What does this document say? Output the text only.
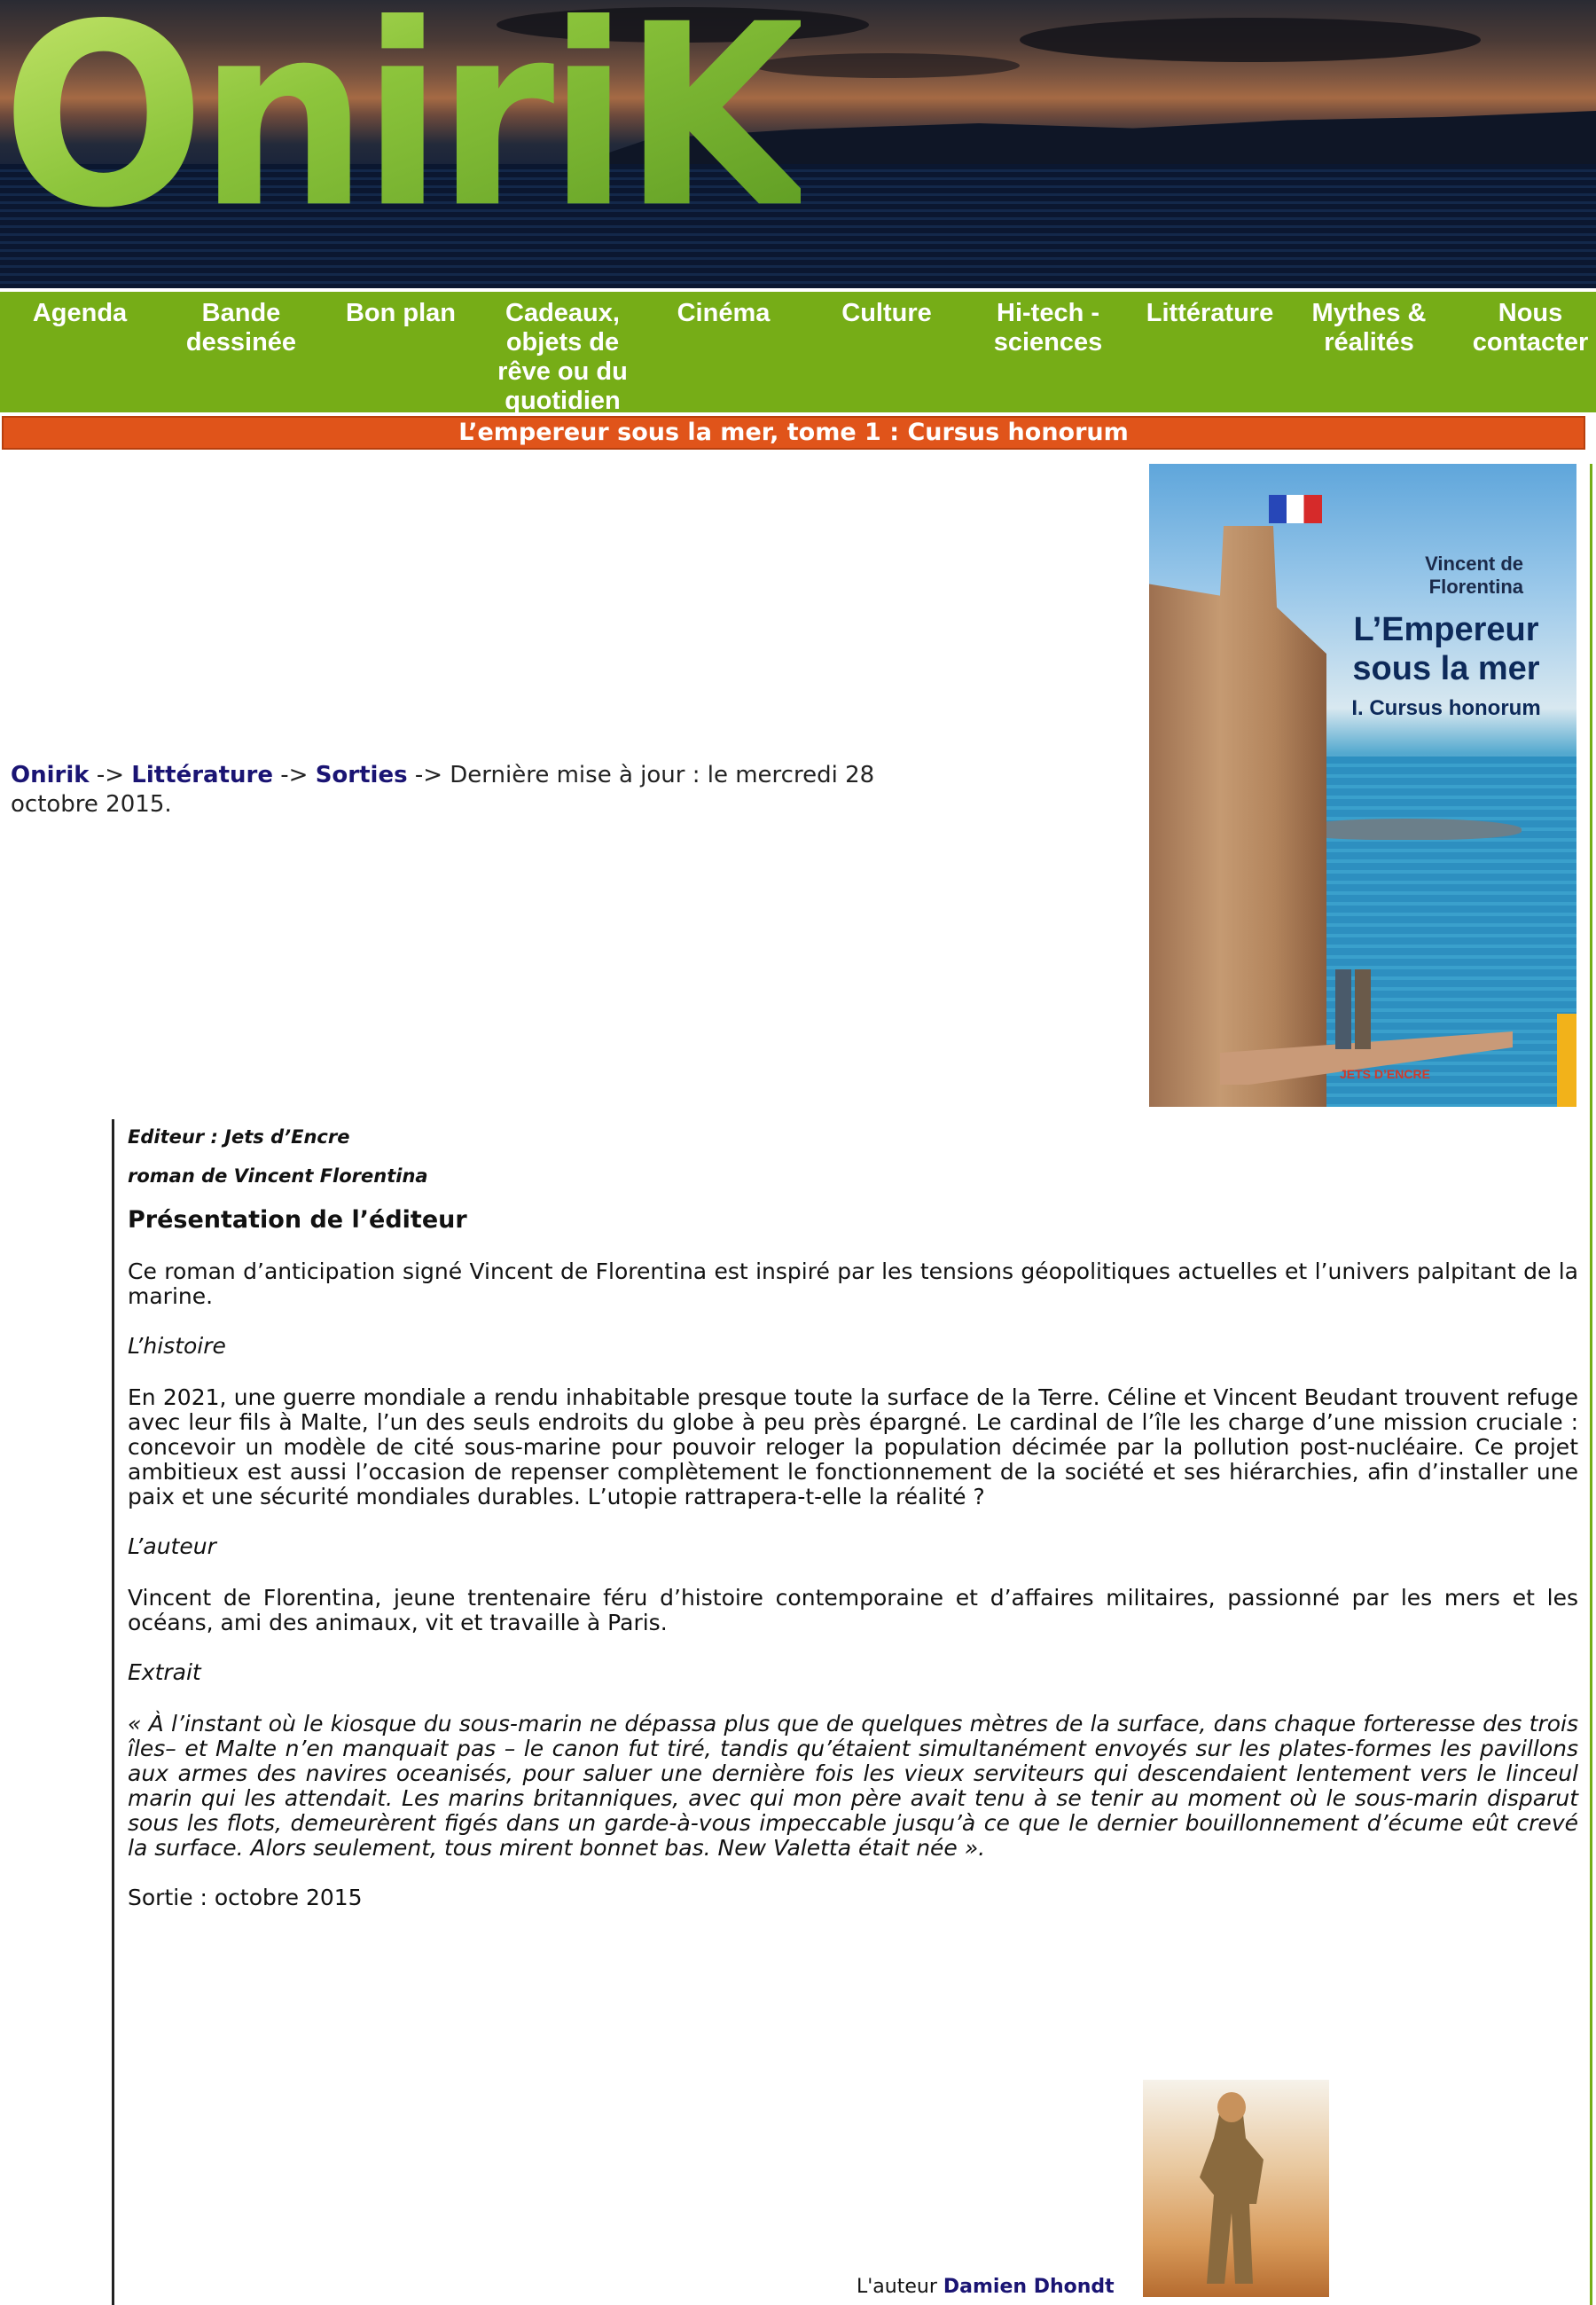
OniriK
Agenda	Bande dessinée
Bon plan	Cadeaux, objets de rêve ou du quotidien
Cinéma	Culture	Hi-tech - sciences
Littérature	Mythes & réalités
Nous contacter
L’empereur sous la mer, tome 1 : Cursus honorum
Onirik -> Littérature -> Sorties -> Dernière mise à jour : le mercredi 28 octobre 2015.
Vincent de Florentina
L’Empereur sous la mer
I. Cursus honorum
JETS D’ENCRE

Editeur : Jets d’Encre

roman de Vincent Florentina

Présentation de l’éditeur

Ce roman d’anticipation signé Vincent de Florentina est inspiré par les tensions géopolitiques actuelles et l’univers palpitant de la marine.

L’histoire

En 2021, une guerre mondiale a rendu inhabitable presque toute la surface de la Terre. Céline et Vincent Beudant trouvent refuge avec leur fils à Malte, l’un des seuls endroits du globe à peu près épargné. Le cardinal de l’île les charge d’une mission cruciale : concevoir un modèle de cité sous-marine pour pouvoir reloger la population décimée par la pollution post-nucléaire. Ce projet ambitieux est aussi l’occasion de repenser complètement le fonctionnement de la société et ses hiérarchies, afin d’installer une paix et une sécurité mondiales durables. L’utopie rattrapera-t-elle la réalité ?

L’auteur

Vincent de Florentina, jeune trentenaire féru d’histoire contemporaine et d’affaires militaires, passionné par les mers et les océans, ami des animaux, vit et travaille à Paris.

Extrait

« À l’instant où le kiosque du sous-marin ne dépassa plus que de quelques mètres de la surface, dans chaque forteresse des trois îles– et Malte n’en manquait pas – le canon fut tiré, tandis qu’étaient simultanément envoyés sur les plates-formes les pavillons aux armes des navires oceanisés, pour saluer une dernière fois les vieux serviteurs qui descendaient lentement vers le linceul marin qui les attendait. Les marins britanniques, avec qui mon père avait tenu à se tenir au moment où le sous-marin disparut sous les flots, demeurèrent figés dans un garde-à-vous impeccable jusqu’à ce que le dernier bouillonnement d’écume eût crevé la surface. Alors seulement, tous mirent bonnet bas. New Valetta était née ».

Sortie : octobre 2015

L'auteur Damien Dhondt
